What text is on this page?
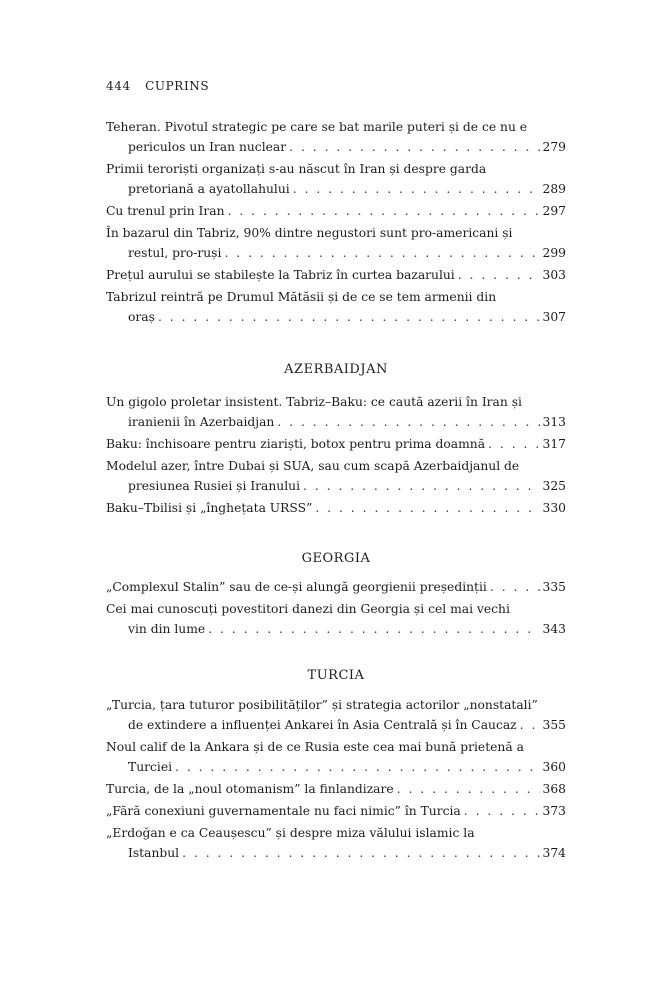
444 CUPRINS
Teheran. Pivotul strategic pe care se bat marile puteri și de ce nu e
periculos un Iran nuclear . . .	279
Primii teroriști organizați s-au născut în Iran și despre garda
pretoriană a ayatollahului . . .	289
Cu trenul prin Iran . . .	297
În bazarul din Tabriz, 90% dintre negustori sunt pro-americani și
restul, pro-ruși . . .	299
Prețul aurului se stabilește la Tabriz în curtea bazarului . . .	303
Tabrizul reintră pe Drumul Mătăsii și de ce se tem armenii din
oraș . . .	307
AZERBAIDJAN
Un gigolo proletar insistent. Tabriz–Baku: ce caută azerii în Iran și
iranienii în Azerbaidjan . . .	313
Baku: închisoare pentru ziariști, botox pentru prima doamnă . . .	317
Modelul azer, între Dubai și SUA, sau cum scapă Azerbaidjanul de
presiunea Rusiei și Iranului . . .	325
Baku–Tbilisi și „înghețata URSS” . . .	330
GEORGIA
„Complexul Stalin” sau de ce-și alungă georgienii președinții . . .	335
Cei mai cunoscuți povestitori danezi din Georgia și cel mai vechi
vin din lume . . .	343
TURCIA
„Turcia, țara tuturor posibilităților” și strategia actorilor „nonstatali”
de extindere a influenței Ankarei în Asia Centrală și în Caucaz . . . 355
Noul calif de la Ankara și de ce Rusia este cea mai bună prietenă a
Turciei . . .	360
Turcia, de la „noul otomanism” la finlandizare . . .	368
„Fără conexiuni guvernamentale nu faci nimic” în Turcia . . .	373
„Erdoğan e ca Ceaușescu” și despre miza vălului islamic la
Istanbul . . .	374
